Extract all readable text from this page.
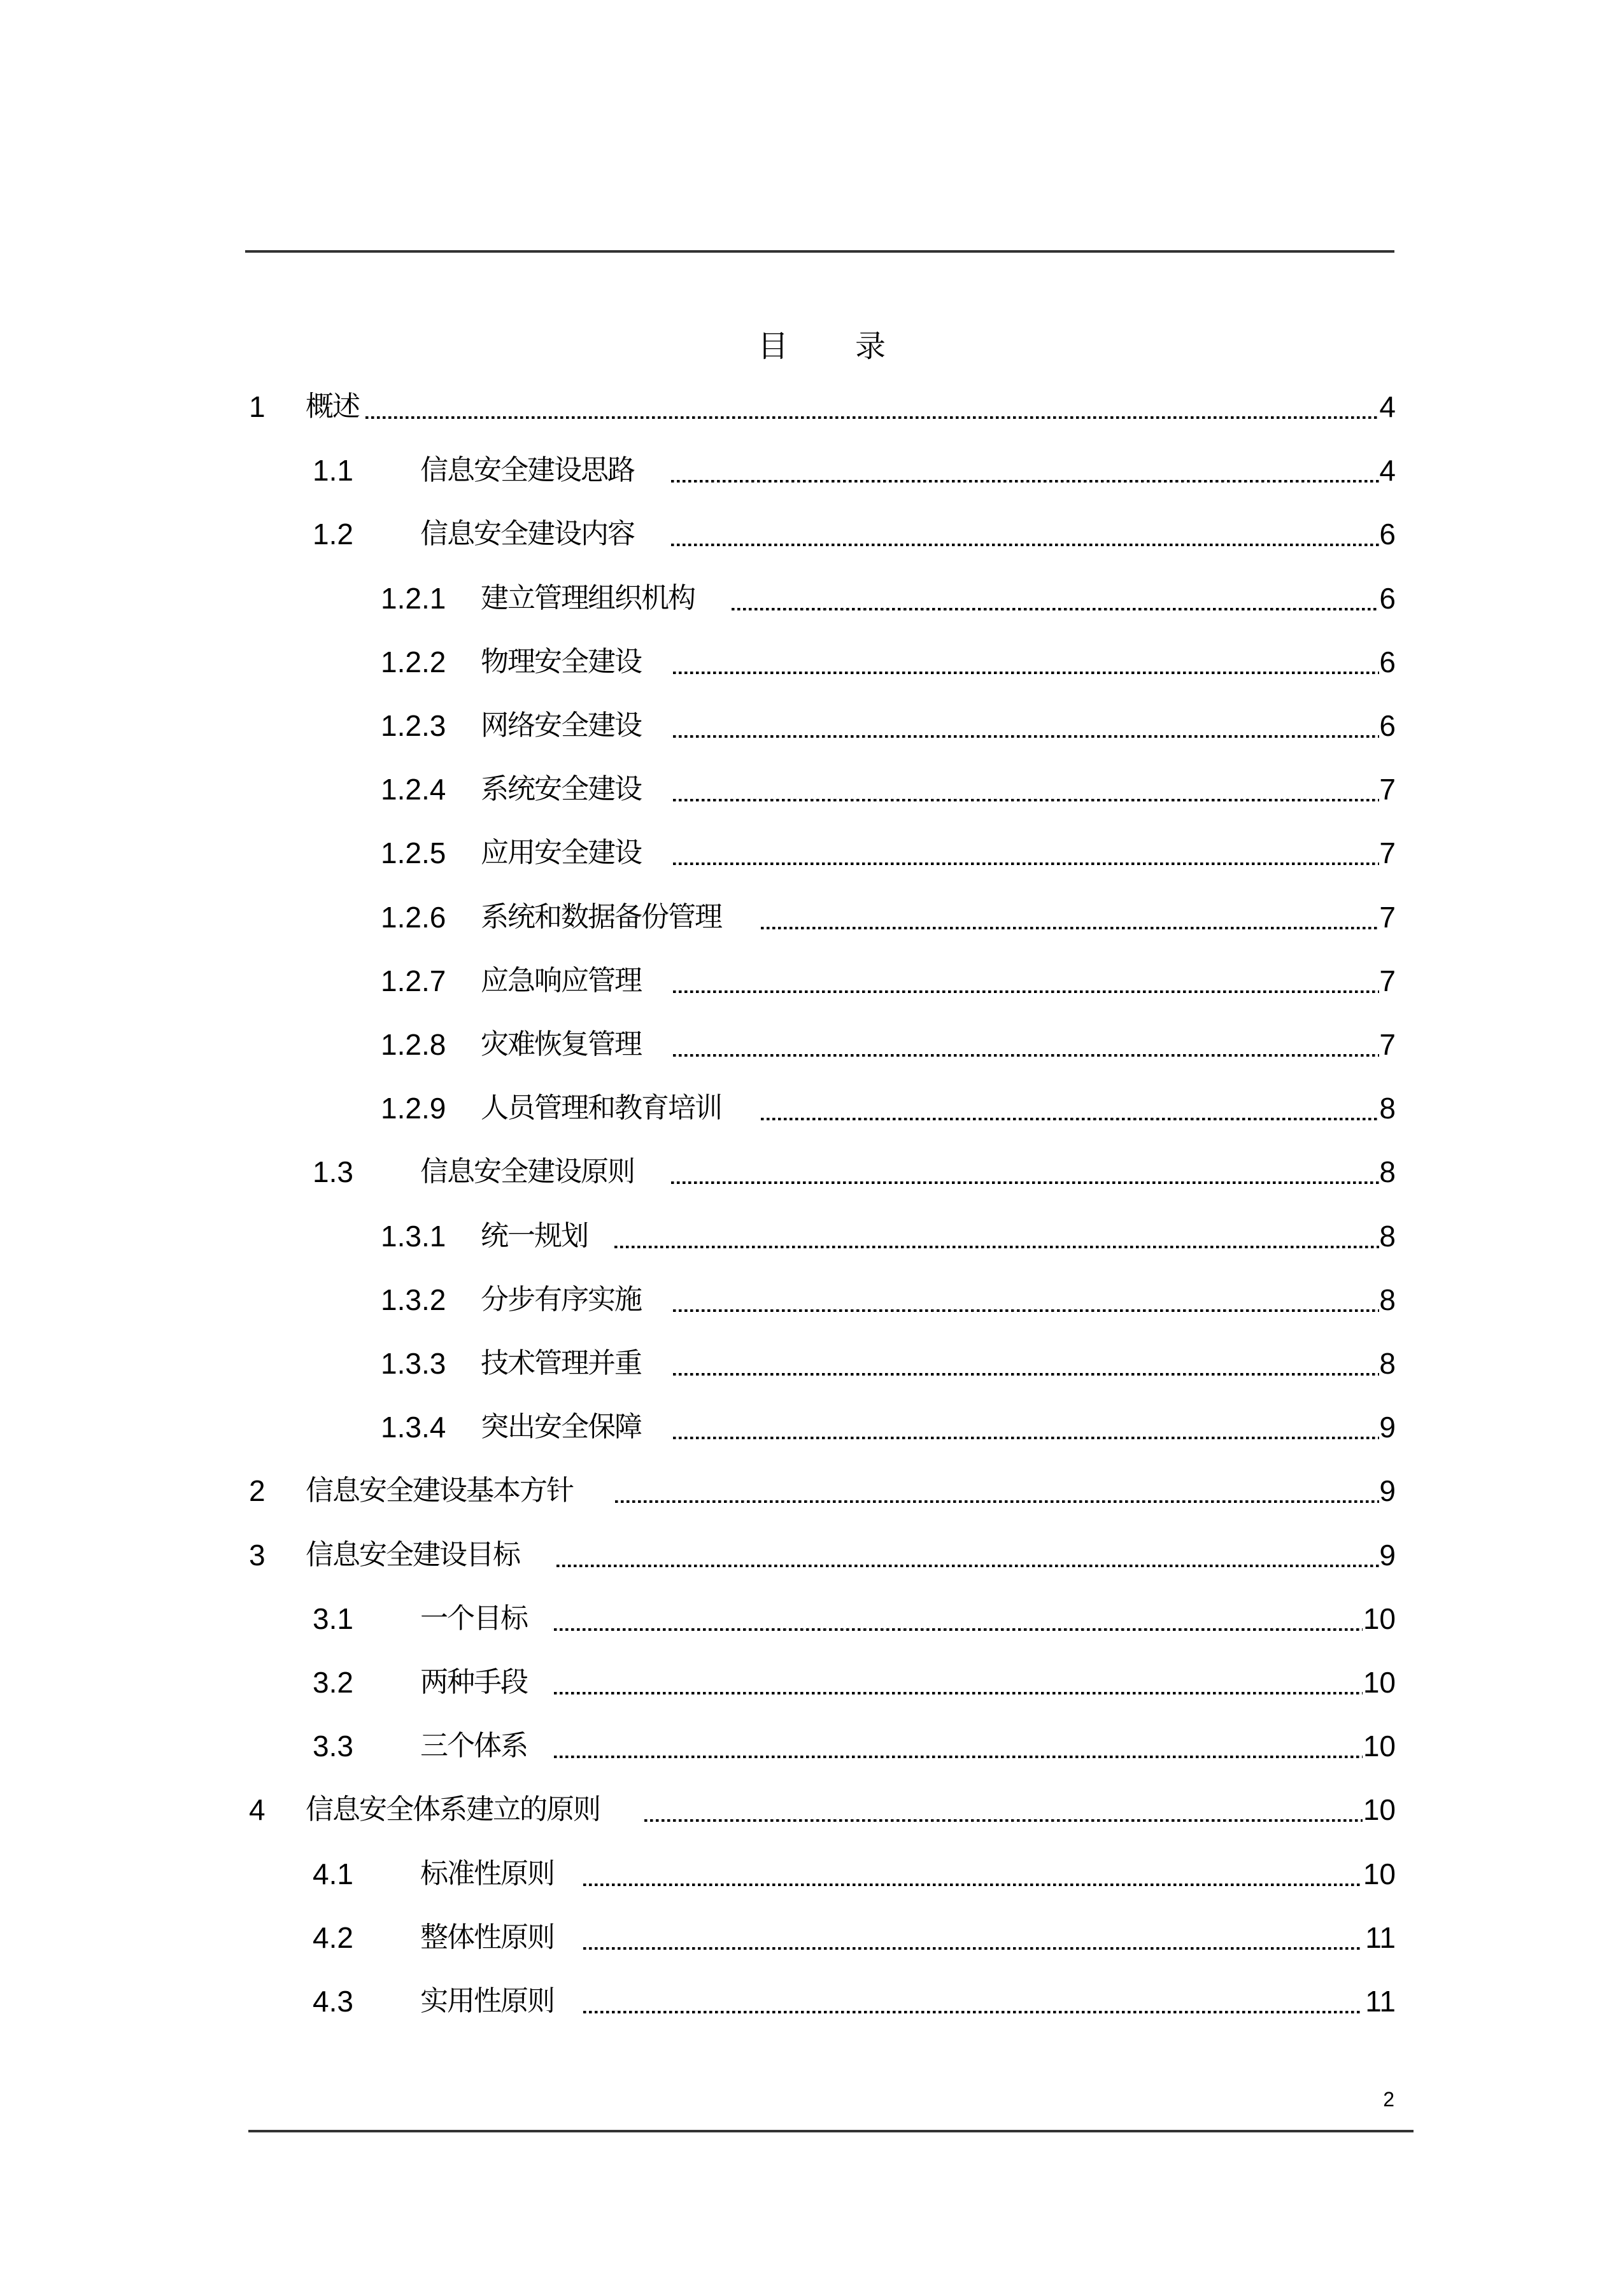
目 录
1 概述	4
1.1 信息安全建设思路	4
1.2 信息安全建设内容	6
1.2.1 建立管理组织机构	6
1.2.2 物理安全建设	6
1.2.3 网络安全建设	6
1.2.4 系统安全建设	7
1.2.5 应用安全建设	7
1.2.6 系统和数据备份管理	7
1.2.7 应急响应管理	7
1.2.8 灾难恢复管理	7
1.2.9 人员管理和教育培训	8
1.3 信息安全建设原则	8
1.3.1 统一规划	8
1.3.2 分步有序实施	8
1.3.3 技术管理并重	8
1.3.4 突出安全保障	9
2 信息安全建设基本方针	9
3 信息安全建设目标	9
3.1 一个目标	10
3.2 两种手段	10
3.3 三个体系	10
4 信息安全体系建立的原则	10
4.1 标准性原则	10
4.2 整体性原则	11
4.3 实用性原则	11
2
